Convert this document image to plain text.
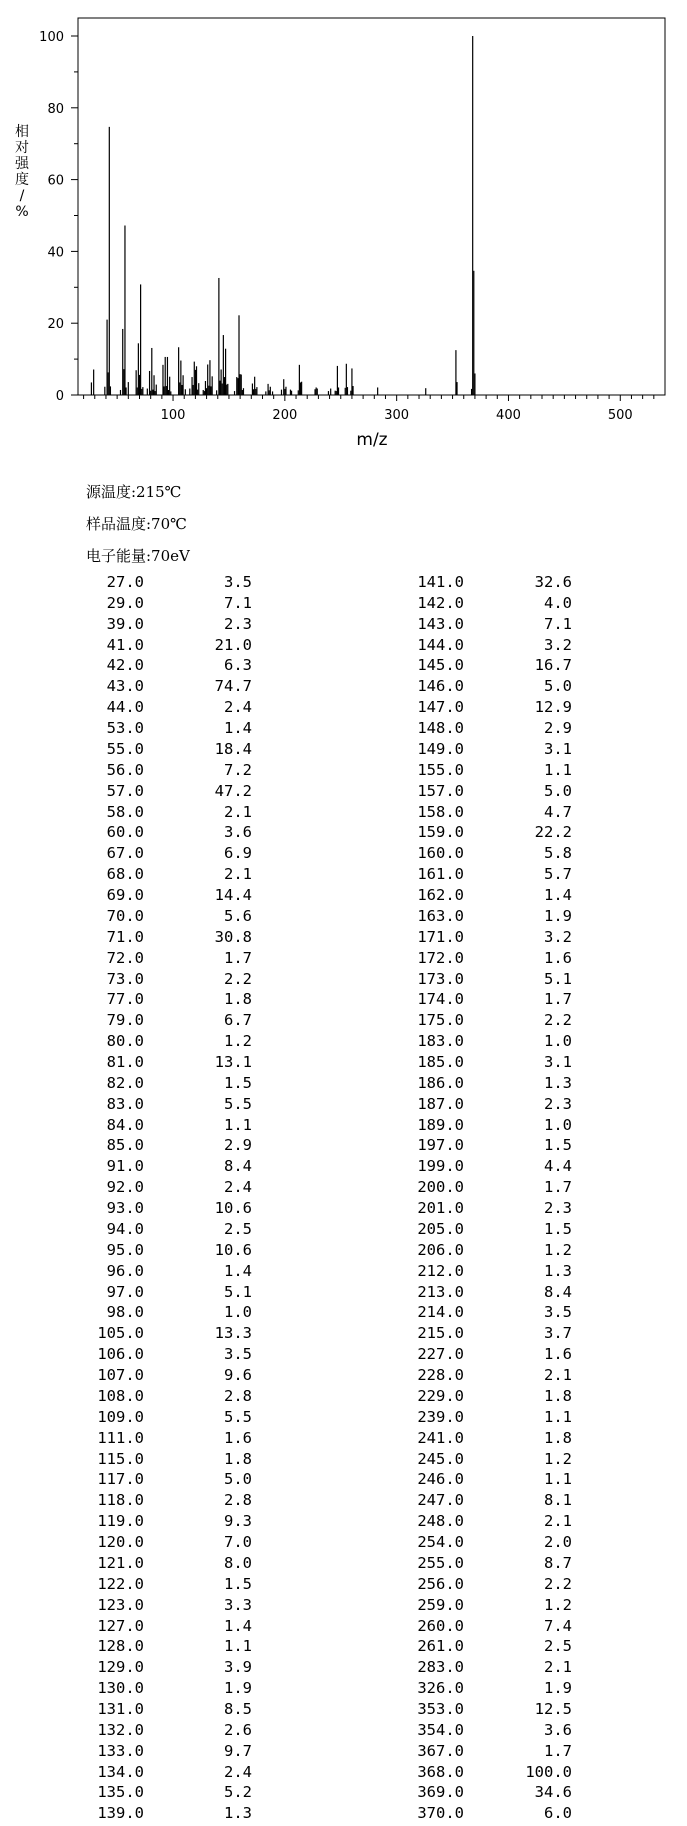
100	200	300	400	500
0
20
40
60
80
100
m/z
相对强度/ %
源温度:215℃
样品温度:70℃
电子能量:70eV
27.0	3.5
29.0	7.1
39.0	2.3
41.0	21.0
42.0	6.3
43.0	74.7
44.0	2.4
53.0	1.4
55.0	18.4
56.0	7.2
57.0	47.2
58.0	2.1
60.0	3.6
67.0	6.9
68.0	2.1
69.0	14.4
70.0	5.6
71.0	30.8
72.0	1.7
73.0	2.2
77.0	1.8
79.0	6.7
80.0	1.2
81.0	13.1
82.0	1.5
83.0	5.5
84.0	1.1
85.0	2.9
91.0	8.4
92.0	2.4
93.0	10.6
94.0	2.5
95.0	10.6
96.0	1.4
97.0	5.1
98.0	1.0
105.0	13.3
106.0	3.5
107.0	9.6
108.0	2.8
109.0	5.5
111.0	1.6
115.0	1.8
117.0	5.0
118.0	2.8
119.0	9.3
120.0	7.0
121.0	8.0
122.0	1.5
123.0	3.3
127.0	1.4
128.0	1.1
129.0	3.9
130.0	1.9
131.0	8.5
132.0	2.6
133.0	9.7
134.0	2.4
135.0	5.2
139.0	1.3
141.0	32.6
142.0	4.0
143.0	7.1
144.0	3.2
145.0	16.7
146.0	5.0
147.0	12.9
148.0	2.9
149.0	3.1
155.0	1.1
157.0	5.0
158.0	4.7
159.0	22.2
160.0	5.8
161.0	5.7
162.0	1.4
163.0	1.9
171.0	3.2
172.0	1.6
173.0	5.1
174.0	1.7
175.0	2.2
183.0	1.0
185.0	3.1
186.0	1.3
187.0	2.3
189.0	1.0
197.0	1.5
199.0	4.4
200.0	1.7
201.0	2.3
205.0	1.5
206.0	1.2
212.0	1.3
213.0	8.4
214.0	3.5
215.0	3.7
227.0	1.6
228.0	2.1
229.0	1.8
239.0	1.1
241.0	1.8
245.0	1.2
246.0	1.1
247.0	8.1
248.0	2.1
254.0	2.0
255.0	8.7
256.0	2.2
259.0	1.2
260.0	7.4
261.0	2.5
283.0	2.1
326.0	1.9
353.0	12.5
354.0	3.6
367.0	1.7
368.0	100.0
369.0	34.6
370.0	6.0
